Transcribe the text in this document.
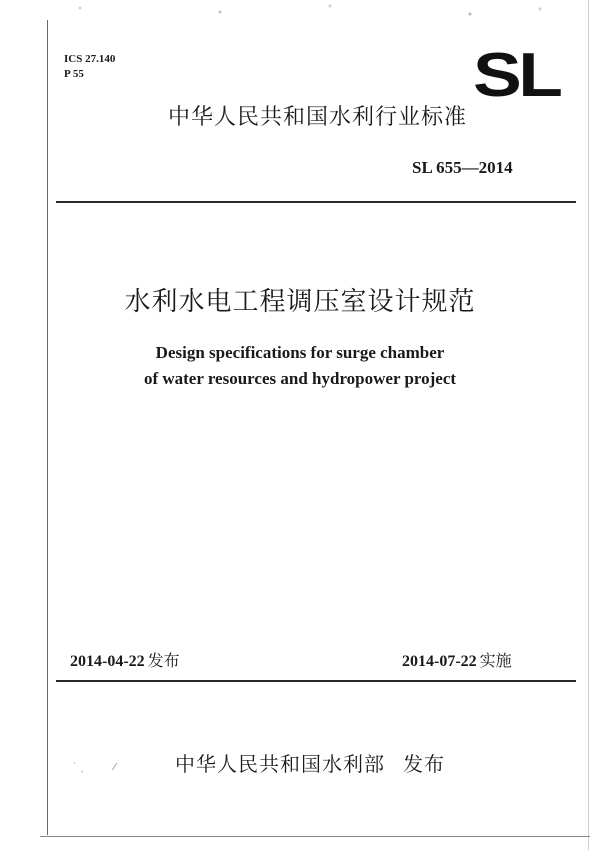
ICS 27.140
P 55	SL
中华人民共和国水利行业标准
SL 655—2014
水利水电工程调压室设计规范
Design specifications for surge chamber
of water resources and hydropower project
2014-04-22 发布	2014-07-22 实施
˙ ˎ         ⁄	中华人民共和国水利部 发布
